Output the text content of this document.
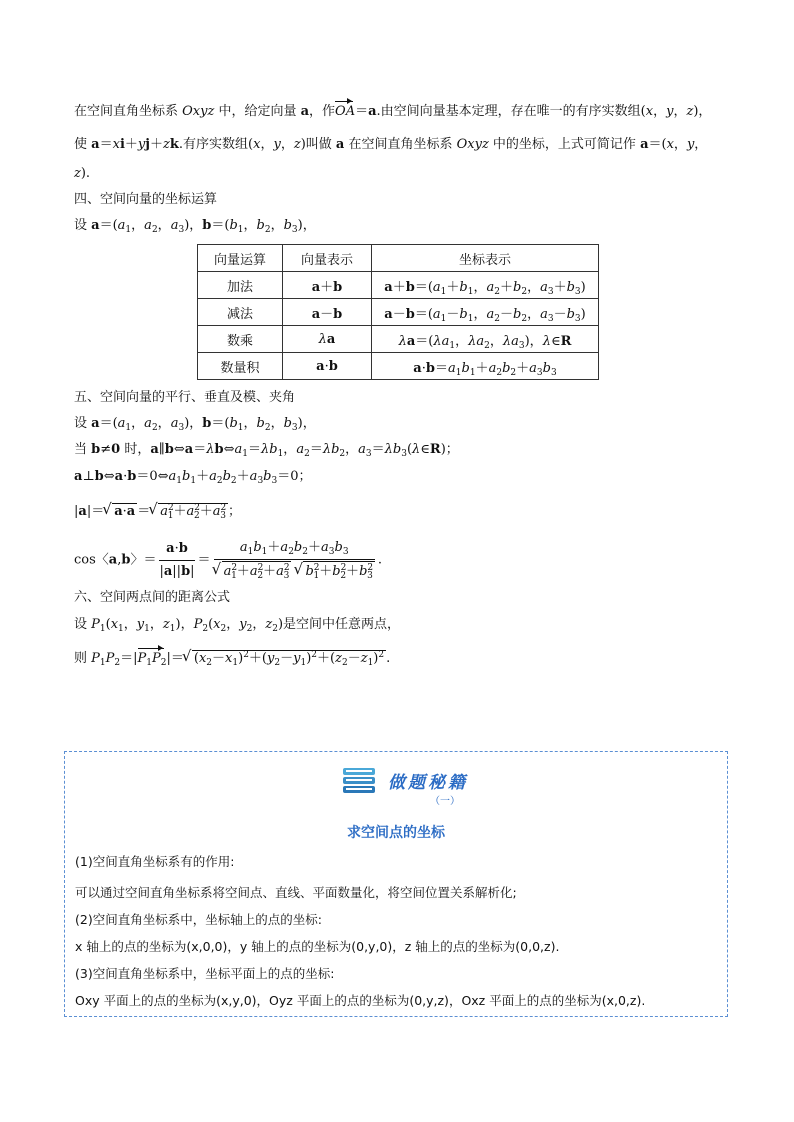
在空间直角坐标系 Oxyz 中，给定向量 a，作OA＝a.由空间向量基本定理，存在唯一的有序实数组(x，y，z)，
使 a＝xi＋yj＋zk.有序实数组(x，y，z)叫做 a 在空间直角坐标系 Oxyz 中的坐标，上式可简记作 a＝(x，y，
z).
四、空间向量的坐标运算
设 $a=(a_1$，$a_2$，$a_3$)，$b=(b_1$，$b_2$，$b_3$)，
向量运算	向量表示	坐标表示
加法	a＋b	$a+b=(a_1+b_1$，$a_2+b_2$，$a_3+b_3$)
减法	a－b	$a-b=(a_1-b_1$，$a_2-b_2$，$a_3-b_3$)
数乘	λa	$\lambda a=(\lambda a_1$，$\lambda a_2$，$\lambda a_3$)，λ∈R
数量积	a·b	$a\cdot b=a_1b_1+a_2b_2+a_3b_3$
五、空间向量的平行、垂直及模、夹角
设 $a=(a_1$，$a_2$，$a_3$)，$b=(b_1$，$b_2$，$b_3$)，
当 b≠0 时，$a\parallel b\Leftrightarrow a=\lambda b\Leftrightarrow a_1=\lambda b_1$，$a_2=\lambda b_2$，$a_3=\lambda b_3(\lambda\in R)$；
$a\perp b\Leftrightarrow a\cdot b=0\Leftrightarrow a_1b_1+a_2b_2+a_3b_3=0$；
|a|＝ √ a·a ＝ √ $a^2_1+a^2_2+a^2_3$ ；
cos〈a,b〉＝ $\frac{a\cdot b}{|a||b|} = a_1b_1+a_2b_2+a_3b_3$
√ $a^2_1+a^2_2+a^2_3$ √ $b^2_1+b^2_2+b^2_3$ .
六、空间两点间的距离公式
设 $P_1(x_1$，$y_1$，$z_1$)，$P_2(x_2$，$y_2$，$z_2$)是空间中任意两点，
则 $P_1P_2=|P_1P_2|=$ √ $(x_2-x_1)^2+(y_2-y_1)^2+(z_2-z_1)^2$ .
做题秘籍
（一）
求空间点的坐标
(1)空间直角坐标系有的作用:
可以通过空间直角坐标系将空间点、直线、平面数量化，将空间位置关系解析化;
(2)空间直角坐标系中，坐标轴上的点的坐标:
x 轴上的点的坐标为(x,0,0)，y 轴上的点的坐标为(0,y,0)，z 轴上的点的坐标为(0,0,z).
(3)空间直角坐标系中，坐标平面上的点的坐标:
Oxy 平面上的点的坐标为(x,y,0)，Oyz 平面上的点的坐标为(0,y,z)，Oxz 平面上的点的坐标为(x,0,z).
